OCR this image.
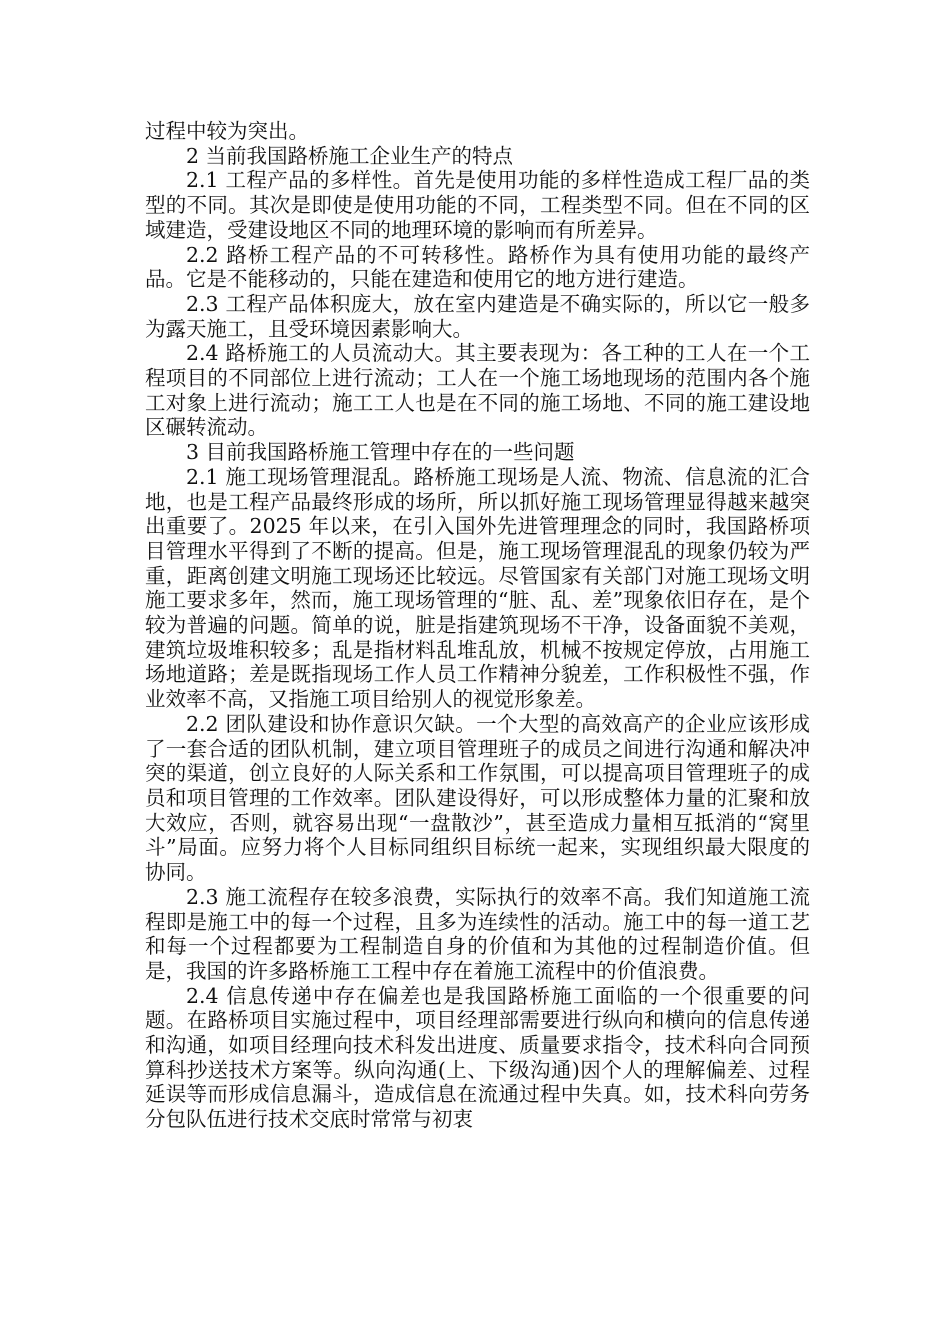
过程中较为突出。

2 当前我国路桥施工企业生产的特点

2.1 工程产品的多样性。首先是使用功能的多样性造成工程厂品的类型的不同。其次是即使是使用功能的不同，工程类型不同。但在不同的区域建造，受建设地区不同的地理环境的影响而有所差异。

2.2 路桥工程产品的不可转移性。路桥作为具有使用功能的最终产品。它是不能移动的，只能在建造和使用它的地方进行建造。

2.3 工程产品体积庞大，放在室内建造是不确实际的，所以它一般多为露天施工，且受环境因素影响大。

2.4 路桥施工的人员流动大。其主要表现为：各工种的工人在一个工程项目的不同部位上进行流动；工人在一个施工场地现场的范围内各个施工对象上进行流动；施工工人也是在不同的施工场地、不同的施工建设地区碾转流动。

3 目前我国路桥施工管理中存在的一些问题

2.1 施工现场管理混乱。路桥施工现场是人流、物流、信息流的汇合地，也是工程产品最终形成的场所，所以抓好施工现场管理显得越来越突出重要了。2025 年以来，在引入国外先进管理理念的同时，我国路桥项目管理水平得到了不断的提高。但是，施工现场管理混乱的现象仍较为严重，距离创建文明施工现场还比较远。尽管国家有关部门对施工现场文明施工要求多年，然而，施工现场管理的“脏、乱、差”现象依旧存在，是个较为普遍的问题。简单的说，脏是指建筑现场不干净，设备面貌不美观，建筑垃圾堆积较多；乱是指材料乱堆乱放，机械不按规定停放，占用施工场地道路；差是既指现场工作人员工作精神分貌差，工作积极性不强，作业效率不高，又指施工项目给别人的视觉形象差。

2.2 团队建设和协作意识欠缺。一个大型的高效高产的企业应该形成了一套合适的团队机制，建立项目管理班子的成员之间进行沟通和解决冲突的渠道，创立良好的人际关系和工作氛围，可以提高项目管理班子的成员和项目管理的工作效率。团队建设得好，可以形成整体力量的汇聚和放大效应，否则，就容易出现“一盘散沙”，甚至造成力量相互抵消的“窝里斗”局面。应努力将个人目标同组织目标统一起来，实现组织最大限度的协同。

2.3 施工流程存在较多浪费，实际执行的效率不高。我们知道施工流程即是施工中的每一个过程，且多为连续性的活动。施工中的每一道工艺和每一个过程都要为工程制造自身的价值和为其他的过程制造价值。但是，我国的许多路桥施工工程中存在着施工流程中的价值浪费。

2.4 信息传递中存在偏差也是我国路桥施工面临的一个很重要的问题。在路桥项目实施过程中，项目经理部需要进行纵向和横向的信息传递和沟通，如项目经理向技术科发出进度、质量要求指令，技术科向合同预算科抄送技术方案等。纵向沟通(上、下级沟通)因个人的理解偏差、过程延误等而形成信息漏斗，造成信息在流通过程中失真。如，技术科向劳务分包队伍进行技术交底时常常与初衷
